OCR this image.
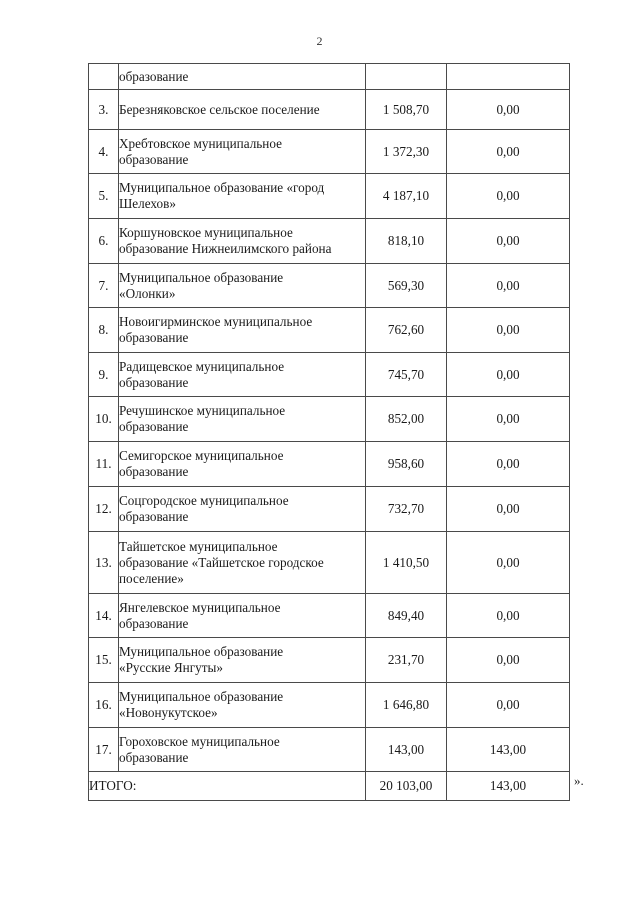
2

	образование		

3.	Березняковское сельское поселение	1 508,70	0,00
4.	Хребтовское муниципальное
образование	1 372,30	0,00
5.	Муниципальное образование «город
Шелехов»	4 187,10	0,00
6.	Коршуновское муниципальное
образование Нижнеилимского района	818,10	0,00
7.	Муниципальное образование
«Олонки»	569,30	0,00
8.	Новоигирминское муниципальное
образование	762,60	0,00
9.	Радищевское муниципальное
образование	745,70	0,00
10.	Речушинское муниципальное
образование	852,00	0,00
11.	Семигорское муниципальное
образование	958,60	0,00
12.	Соцгородское муниципальное
образование	732,70	0,00
13.	Тайшетское муниципальное
образование «Тайшетское городское
поселение»	1 410,50	0,00
14.	Янгелевское муниципальное
образование	849,40	0,00
15.	Муниципальное образование
«Русские Янгуты»	231,70	0,00
16.	Муниципальное образование
«Новонукутское»	1 646,80	0,00
17.	Гороховское муниципальное
образование	143,00	143,00
ИТОГО:		20 103,00	143,00	».
